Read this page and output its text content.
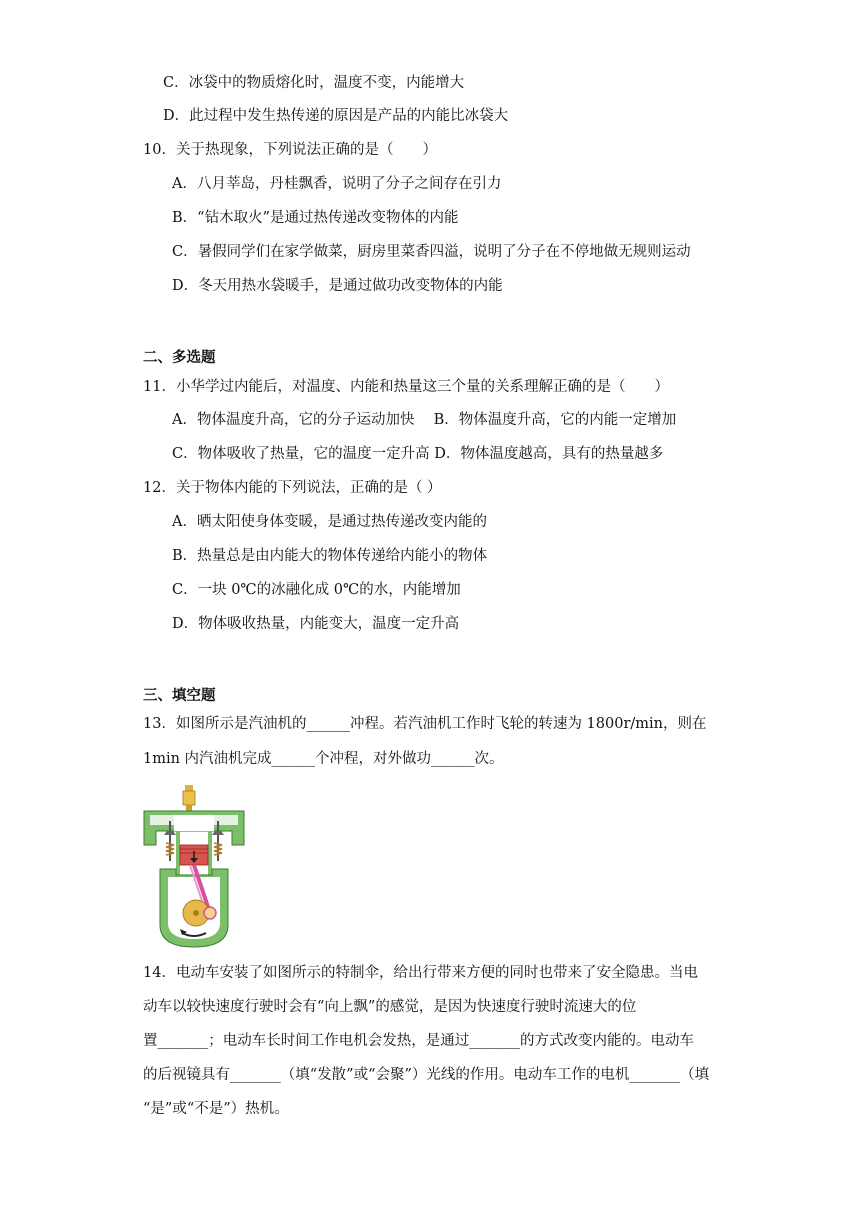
C．冰袋中的物质熔化时，温度不变，内能增大
D．此过程中发生热传递的原因是产品的内能比冰袋大
10．关于热现象，下列说法正确的是（　　）
A．八月莘岛，丹桂飘香，说明了分子之间存在引力
B．“钻木取火”是通过热传递改变物体的内能
C．暑假同学们在家学做菜，厨房里菜香四溢，说明了分子在不停地做无规则运动
D．冬天用热水袋暖手，是通过做功改变物体的内能
二、多选题
11．小华学过内能后，对温度、内能和热量这三个量的关系理解正确的是（　　）
A．物体温度升高，它的分子运动加快　 B．物体温度升高，它的内能一定增加
C．物体吸收了热量，它的温度一定升高 D．物体温度越高，具有的热量越多
12．关于物体内能的下列说法，正确的是（ ）
A．晒太阳使身体变暖，是通过热传递改变内能的
B．热量总是由内能大的物体传递给内能小的物体
C．一块 0℃的冰融化成 0℃的水，内能增加
D．物体吸收热量，内能变大，温度一定升高
三、填空题
13．如图所示是汽油机的______冲程。若汽油机工作时飞轮的转速为 1800r/min，则在
1min 内汽油机完成______个冲程，对外做功______次。
14．电动车安装了如图所示的特制伞，给出行带来方便的同时也带来了安全隐患。当电
动车以较快速度行驶时会有“向上飘”的感觉，是因为快速度行驶时流速大的位
置_______；电动车长时间工作电机会发热，是通过_______的方式改变内能的。电动车
的后视镜具有_______（填“发散”或“会聚”）光线的作用。电动车工作的电机_______（填
“是”或“不是”）热机。
